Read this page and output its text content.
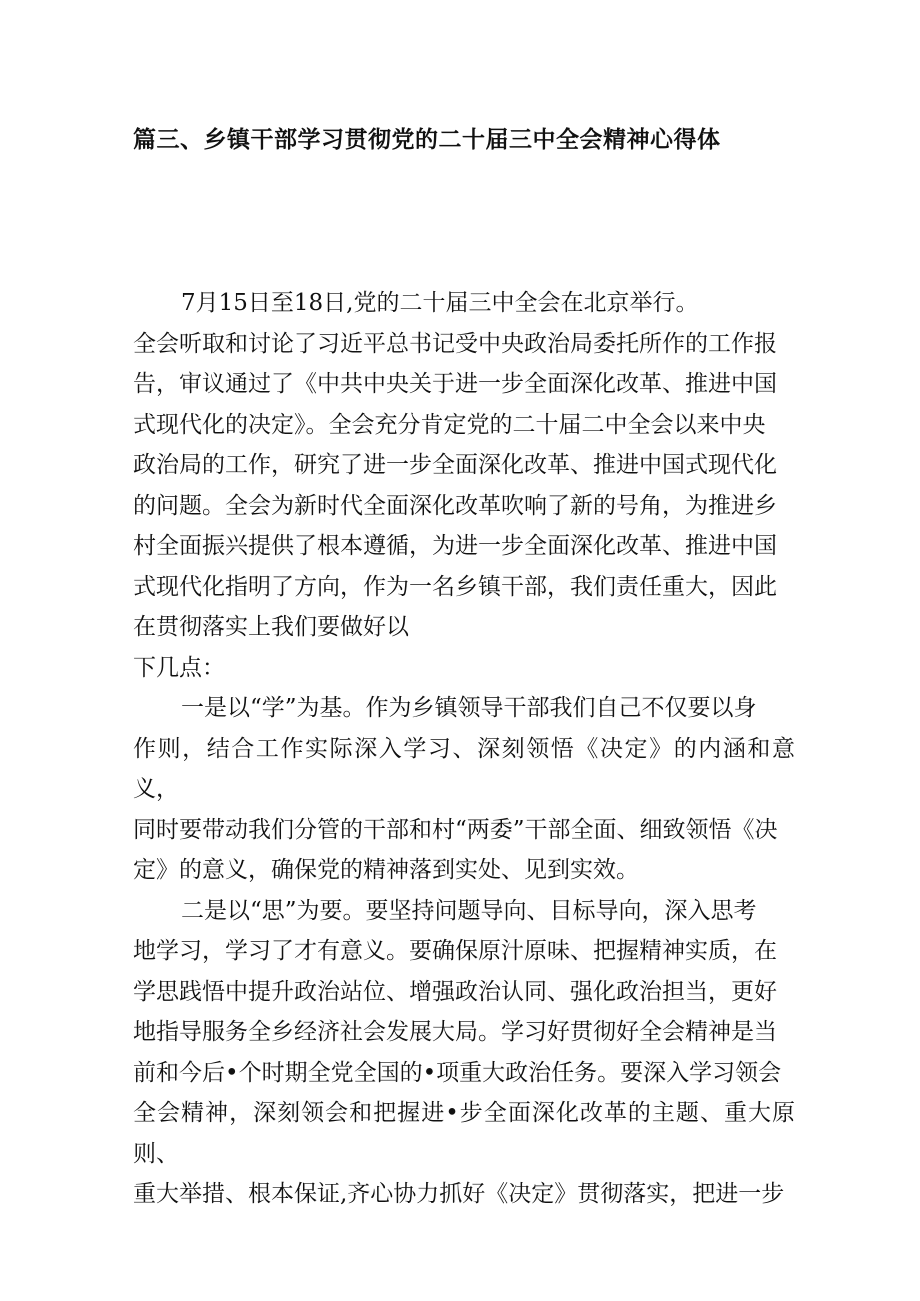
篇三、乡镇干部学习贯彻党的二十届三中全会精神心得体

7月15日至18日,党的二十届三中全会在北京举行。
全会听取和讨论了习近平总书记受中央政治局委托所作的工作报
告，审议通过了《中共中央关于进一步全面深化改革、推进中国
式现代化的决定》。全会充分肯定党的二十届二中全会以来中央
政治局的工作，研究了进一步全面深化改革、推进中国式现代化
的问题。全会为新时代全面深化改革吹响了新的号角，为推进乡
村全面振兴提供了根本遵循，为进一步全面深化改革、推进中国
式现代化指明了方向，作为一名乡镇干部，我们责任重大，因此
在贯彻落实上我们要做好以
下几点：

一是以“学”为基。作为乡镇领导干部我们自己不仅要以身
作则，结合工作实际深入学习、深刻领悟《决定》的内涵和意义，
同时要带动我们分管的干部和村“两委”干部全面、细致领悟《决
定》的意义，确保党的精神落到实处、见到实效。

二是以“思”为要。要坚持问题导向、目标导向，深入思考
地学习，学习了才有意义。要确保原汁原味、把握精神实质，在
学思践悟中提升政治站位、增强政治认同、强化政治担当，更好
地指导服务全乡经济社会发展大局。学习好贯彻好全会精神是当
前和今后•个时期全党全国的•项重大政治任务。要深入学习领会
全会精神，深刻领会和把握进•步全面深化改革的主题、重大原则、
重大举措、根本保证,齐心协力抓好《决定》贯彻落实，把进一步
